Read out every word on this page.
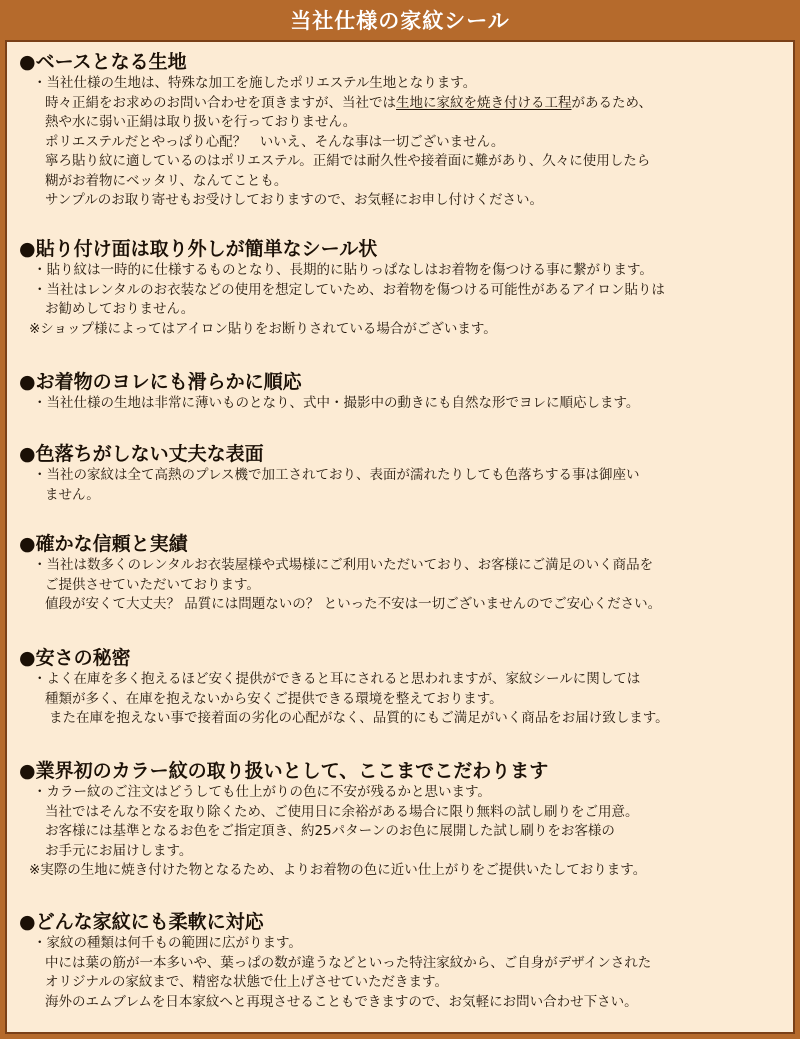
当社仕様の家紋シール
●ベースとなる生地
・当社仕様の生地は、特殊な加工を施したポリエステル生地となります。
時々正絹をお求めのお問い合わせを頂きますが、当社では生地に家紋を焼き付ける工程があるため、
熱や水に弱い正絹は取り扱いを行っておりません。
ポリエステルだとやっぱり心配？　いいえ、そんな事は一切ございません。
寧ろ貼り紋に適しているのはポリエステル。正絹では耐久性や接着面に難があり、久々に使用したら
糊がお着物にベッタリ、なんてことも。
サンプルのお取り寄せもお受けしておりますので、お気軽にお申し付けください。
●貼り付け面は取り外しが簡単なシール状
・貼り紋は一時的に仕様するものとなり、長期的に貼りっぱなしはお着物を傷つける事に繋がります。
・当社はレンタルのお衣装などの使用を想定していため、お着物を傷つける可能性があるアイロン貼りは
お勧めしておりません。
※ショップ様によってはアイロン貼りをお断りされている場合がございます。
●お着物のヨレにも滑らかに順応
・当社仕様の生地は非常に薄いものとなり、式中・撮影中の動きにも自然な形でヨレに順応します。
●色落ちがしない丈夫な表面
・当社の家紋は全て高熱のプレス機で加工されており、表面が濡れたりしても色落ちする事は御座い
ません。
●確かな信頼と実績
・当社は数多くのレンタルお衣装屋様や式場様にご利用いただいており、お客様にご満足のいく商品を
ご提供させていただいております。
値段が安くて大丈夫？ 品質には問題ないの？ といった不安は一切ございませんのでご安心ください。
●安さの秘密
・よく在庫を多く抱えるほど安く提供ができると耳にされると思われますが、家紋シールに関しては
種類が多く、在庫を抱えないから安くご提供できる環境を整えております。
また在庫を抱えない事で接着面の劣化の心配がなく、品質的にもご満足がいく商品をお届け致します。
●業界初のカラー紋の取り扱いとして、ここまでこだわります
・カラー紋のご注文はどうしても仕上がりの色に不安が残るかと思います。
当社ではそんな不安を取り除くため、ご使用日に余裕がある場合に限り無料の試し刷りをご用意。
お客様には基準となるお色をご指定頂き、約25パターンのお色に展開した試し刷りをお客様の
お手元にお届けします。
※実際の生地に焼き付けた物となるため、よりお着物の色に近い仕上がりをご提供いたしております。
●どんな家紋にも柔軟に対応
・家紋の種類は何千もの範囲に広がります。
中には葉の筋が一本多いや、葉っぱの数が違うなどといった特注家紋から、ご自身がデザインされた
オリジナルの家紋まで、精密な状態で仕上げさせていただきます。
海外のエムブレムを日本家紋へと再現させることもできますので、お気軽にお問い合わせ下さい。
